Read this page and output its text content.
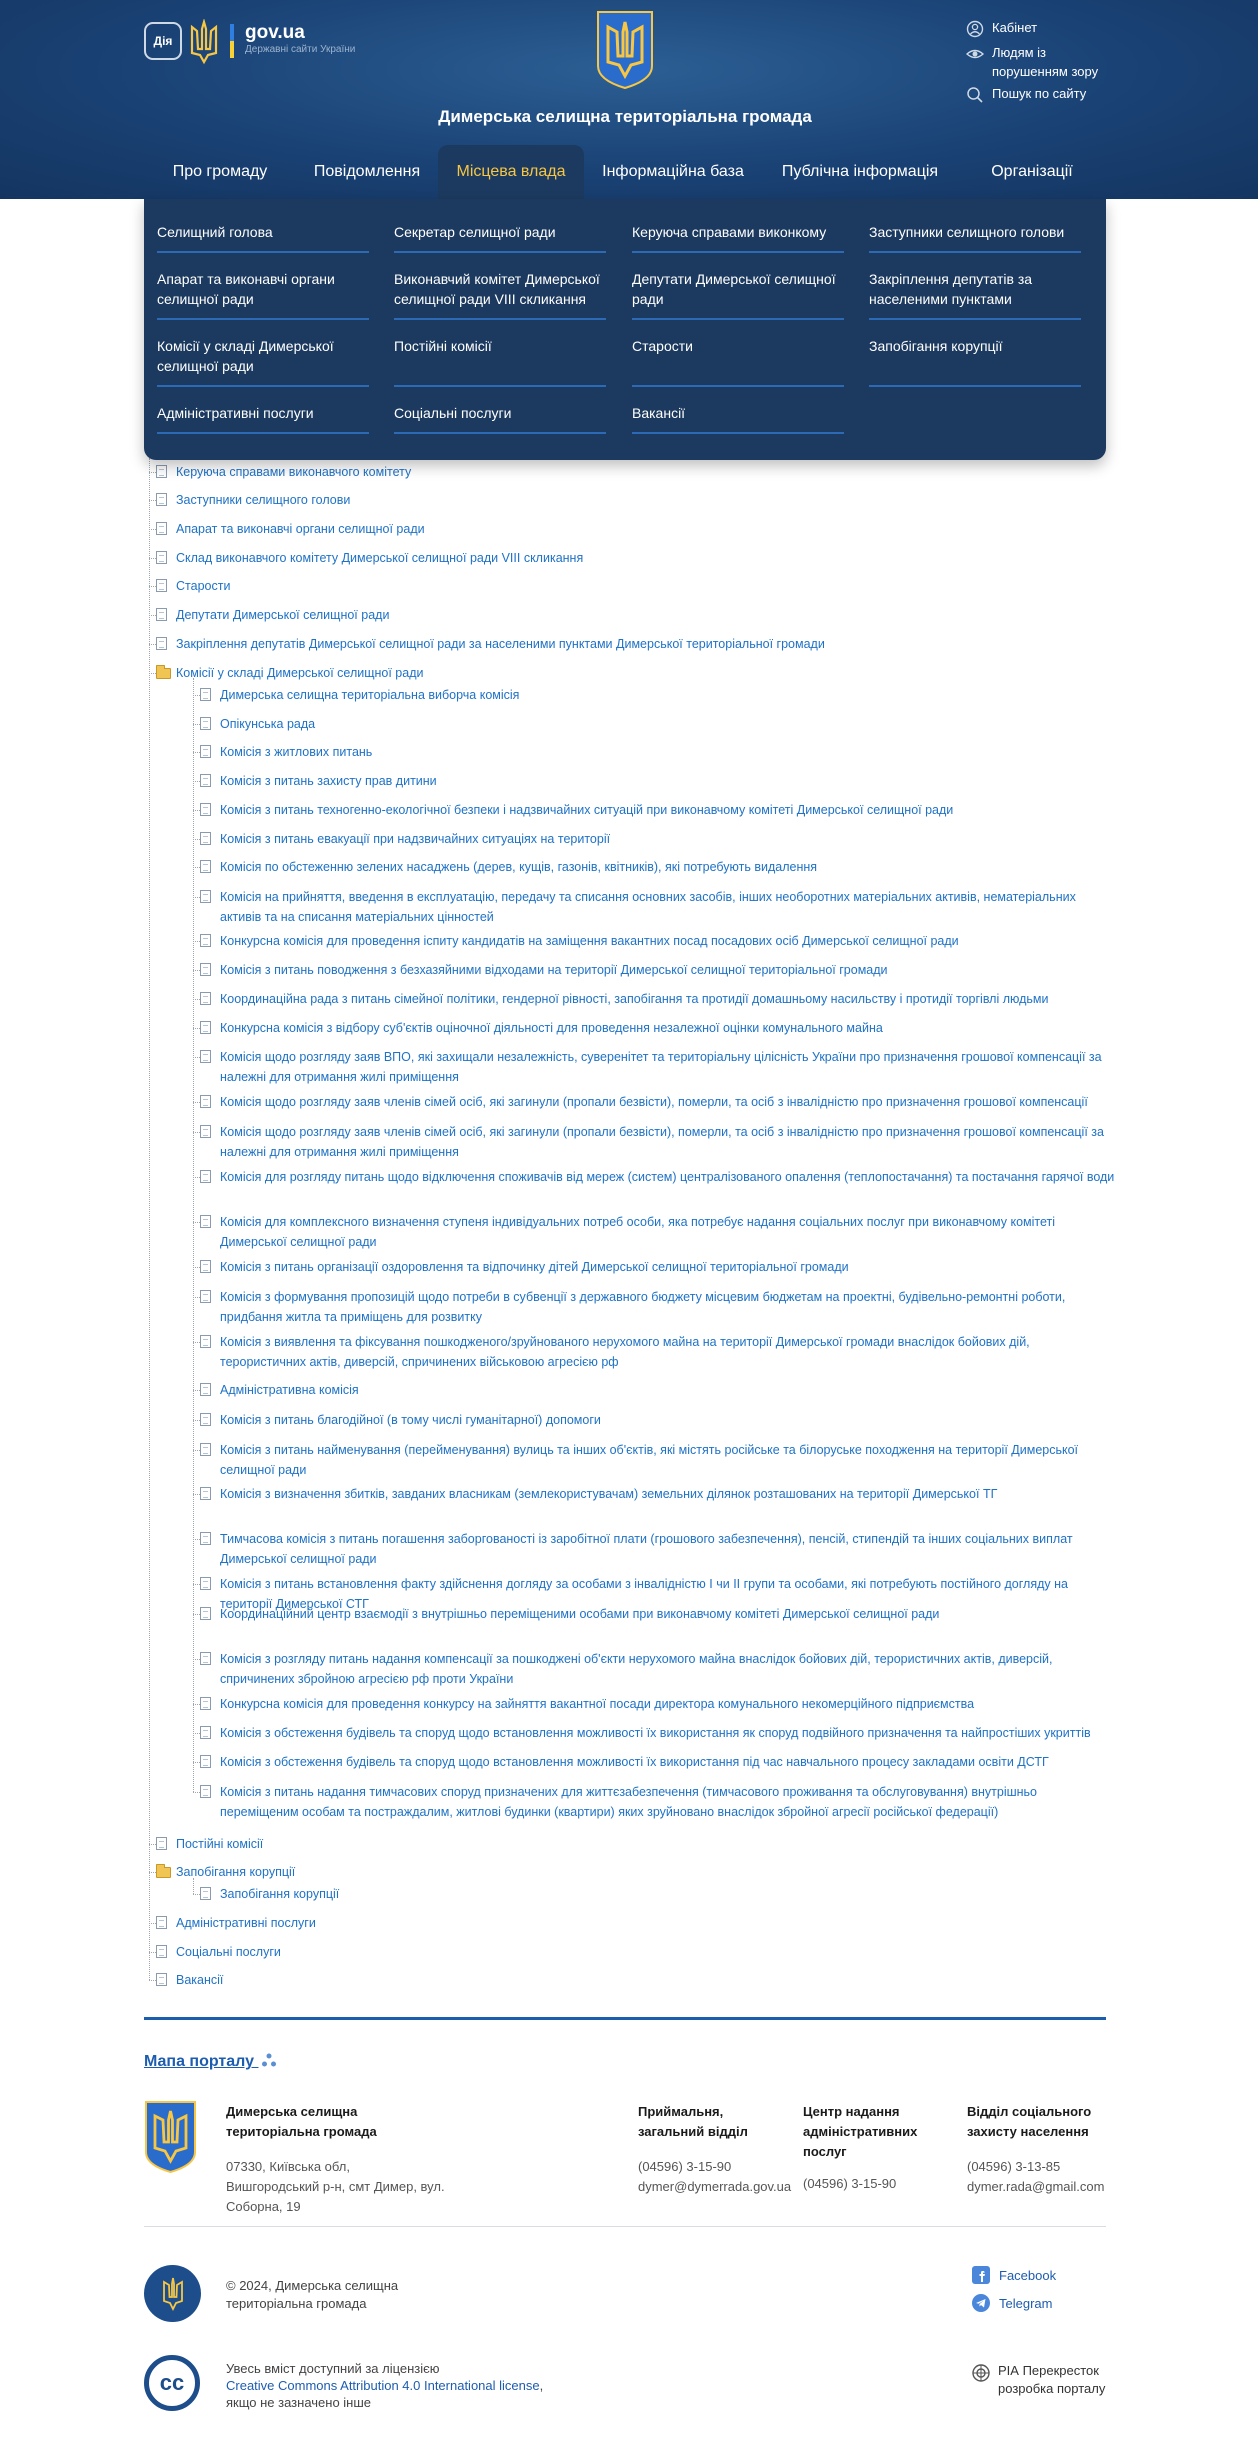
Дія	gov.ua
Державні сайти України
Димерська селищна територіальна громада
Кабінет
Людям із порушенням зору
Пошук по сайту
Про громаду	Повідомлення	Місцева влада	Інформаційна база	Публічна інформація	Організації
Селищний голова	Секретар селищної ради	Керуюча справами виконкому	Заступники селищного голови
Апарат та виконавчі органи селищної ради
Виконавчий комітет Димерської селищної ради VIII скликання
Депутати Димерської селищної ради
Закріплення депутатів за населеними пунктами
Комісії у складі Димерської селищної ради
Постійні комісії	Старости	Запобігання корупції
Адміністративні послуги	Соціальні послуги	Вакансії
Керуюча справами виконавчого комітету
Заступники селищного голови
Апарат та виконавчі органи селищної ради
Склад виконавчого комітету Димерської селищної ради VIII скликання
Старости
Депутати Димерської селищної ради
Закріплення депутатів Димерської селищної ради за населеними пунктами Димерської територіальної громади
Комісії у складі Димерської селищної ради
Димерська селищна територіальна виборча комісія
Опікунська рада
Комісія з житлових питань
Комісія з питань захисту прав дитини
Комісія з питань техногенно-екологічної безпеки і надзвичайних ситуацій при виконавчому комітеті Димерської селищної ради
Комісія з питань евакуації при надзвичайних ситуаціях на території
Комісія по обстеженню зелених насаджень (дерев, кущів, газонів, квітників), які потребують видалення
Комісія на прийняття, введення в експлуатацію, передачу та списання основних засобів, інших необоротних матеріальних активів, нематеріальних активів та на списання матеріальних цінностей
Конкурсна комісія для проведення іспиту кандидатів на заміщення вакантних посад посадових осіб Димерської селищної ради
Комісія з питань поводження з безхазяйними відходами на території Димерської селищної територіальної громади
Координаційна рада з питань сімейної політики, гендерної рівності, запобігання та протидії домашньому насильству і протидії торгівлі людьми
Конкурсна комісія з відбору суб'єктів оціночної діяльності для проведення незалежної оцінки комунального майна
Комісія щодо розгляду заяв ВПО, які захищали незалежність, суверенітет та територіальну цілісність України про призначення грошової компенсації за належні для отримання жилі приміщення
Комісія щодо розгляду заяв членів сімей осіб, які загинули (пропали безвісти), померли, та осіб з інвалідністю про призначення грошової компенсації
Комісія щодо розгляду заяв членів сімей осіб, які загинули (пропали безвісти), померли, та осіб з інвалідністю про призначення грошової компенсації за належні для отримання жилі приміщення
Комісія для розгляду питань щодо відключення споживачів від мереж (систем) централізованого опалення (теплопостачання) та постачання гарячої води
Комісія для комплексного визначення ступеня індивідуальних потреб особи, яка потребує надання соціальних послуг при виконавчому комітеті Димерської селищної ради
Комісія з питань організації оздоровлення та відпочинку дітей Димерської селищної територіальної громади
Комісія з формування пропозицій щодо потреби в субвенції з державного бюджету місцевим бюджетам на проектні, будівельно-ремонтні роботи, придбання житла та приміщень для розвитку
Комісія з виявлення та фіксування пошкодженого/зруйнованого нерухомого майна на території Димерської громади внаслідок бойових дій, терористичних актів, диверсій, спричинених військовою агресією рф
Адміністративна комісія
Комісія з питань благодійної (в тому числі гуманітарної) допомоги
Комісія з питань найменування (перейменування) вулиць та інших об'єктів, які містять російське та білоруське походження на території Димерської селищної ради
Комісія з визначення збитків, завданих власникам (землекористувачам) земельних ділянок розташованих на території Димерської ТГ
Тимчасова комісія з питань погашення заборгованості із заробітної плати (грошового забезпечення), пенсій, стипендій та інших соціальних виплат Димерської селищної ради
Комісія з питань встановлення факту здійснення догляду за особами з інвалідністю I чи II групи та особами, які потребують постійного догляду на території Димерської СТГ
Координаційний центр взаємодії з внутрішньо переміщеними особами при виконавчому комітеті Димерської селищної ради
Комісія з розгляду питань надання компенсації за пошкоджені об'єкти нерухомого майна внаслідок бойових дій, терористичних актів, диверсій, спричинених збройною агресією рф проти України
Конкурсна комісія для проведення конкурсу на зайняття вакантної посади директора комунального некомерційного підприємства
Комісія з обстеження будівель та споруд щодо встановлення можливості їх використання як споруд подвійного призначення та найпростіших укриттів
Комісія з обстеження будівель та споруд щодо встановлення можливості їх використання під час навчального процесу закладами освіти ДСТГ
Комісія з питань надання тимчасових споруд призначених для життєзабезпечення (тимчасового проживання та обслуговування) внутрішньо переміщеним особам та постраждалим, житлові будинки (квартири) яких зруйновано внаслідок збройної агресії російської федерації)
Постійні комісії
Запобігання корупції
Запобігання корупції
Адміністративні послуги
Соціальні послуги
Вакансії
Мапа порталу
Димерська селищна територіальна громада
07330, Київська обл, Вишгородський р-н, смт Димер, вул. Соборна, 19
Приймальня, загальний відділ
(04596) 3-15-90
dymer@dymerrada.gov.ua
Центр надання адміністративних послуг
(04596) 3-15-90
Відділ соціального захисту населення
(04596) 3-13-85
dymer.rada@gmail.com
© 2024, Димерська селищна територіальна громада
cc
Увесь вміст доступний за ліцензією
Creative Commons Attribution 4.0 International license, якщо не зазначено інше
Facebook
Telegram
РІА Перекресток
розробка порталу
